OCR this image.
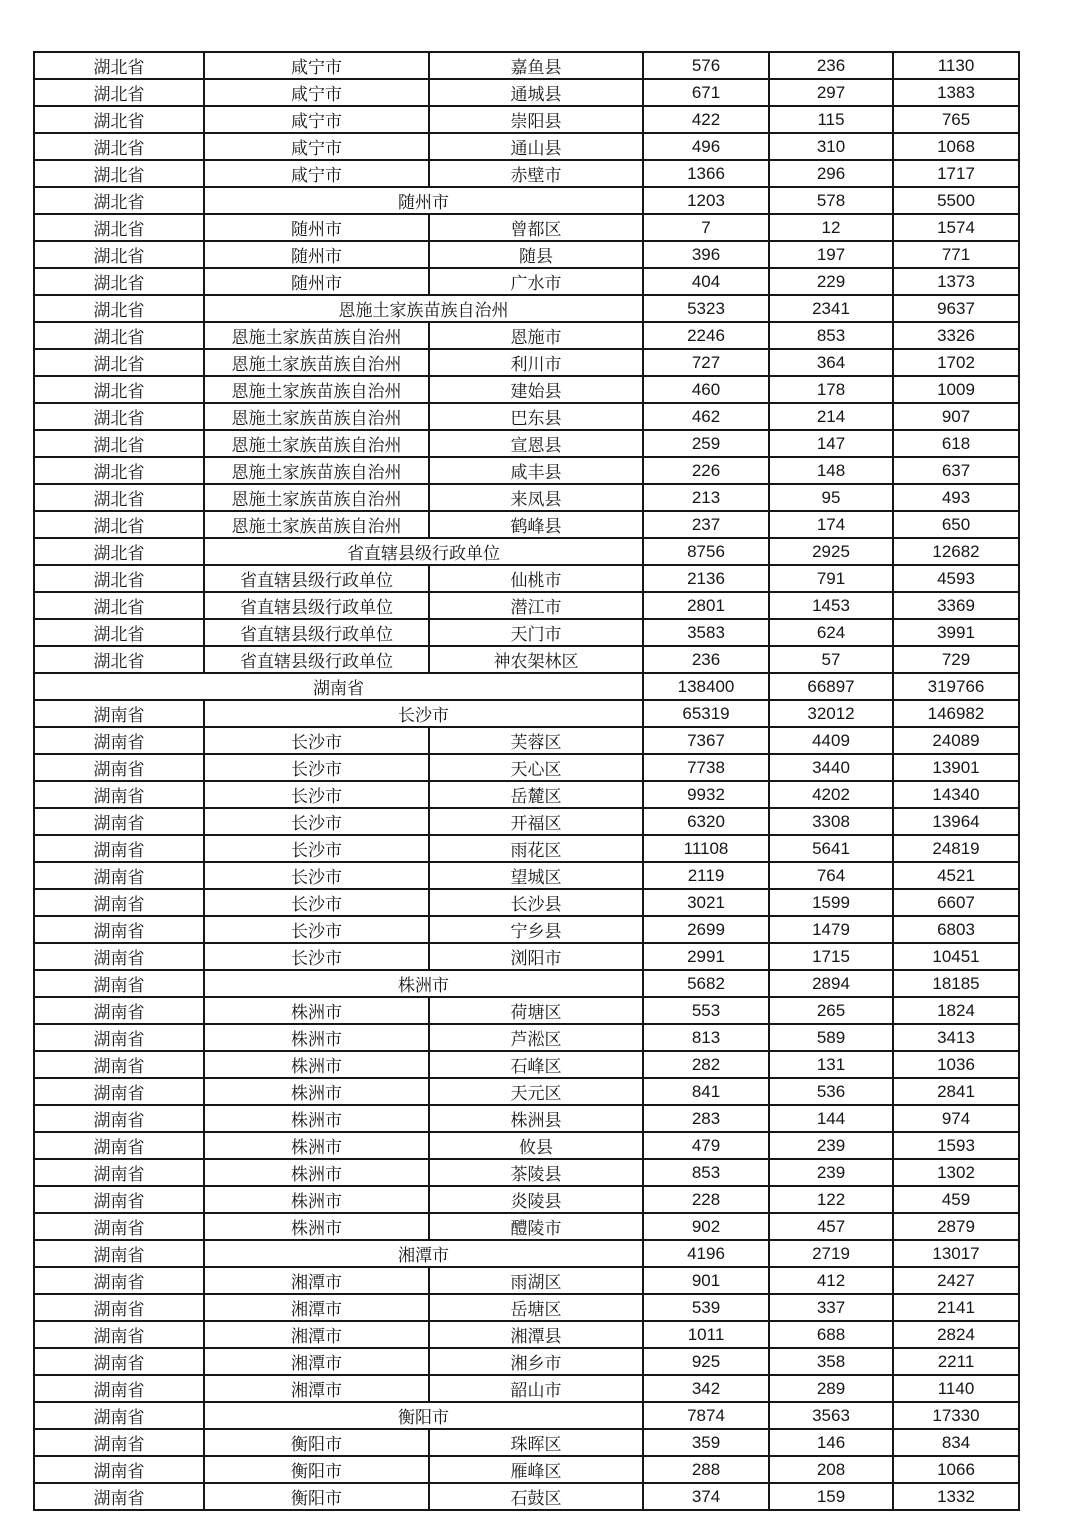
湖北省	咸宁市	嘉鱼县	576	236	1130
湖北省	咸宁市	通城县	671	297	1383
湖北省	咸宁市	崇阳县	422	115	765
湖北省	咸宁市	通山县	496	310	1068
湖北省	咸宁市	赤壁市	1366	296	1717
湖北省	随州市		1203	578	5500
湖北省	随州市	曾都区	7	12	1574
湖北省	随州市	随县	396	197	771
湖北省	随州市	广水市	404	229	1373
湖北省	恩施土家族苗族自治州		5323	2341	9637
湖北省	恩施土家族苗族自治州	恩施市	2246	853	3326
湖北省	恩施土家族苗族自治州	利川市	727	364	1702
湖北省	恩施土家族苗族自治州	建始县	460	178	1009
湖北省	恩施土家族苗族自治州	巴东县	462	214	907
湖北省	恩施土家族苗族自治州	宣恩县	259	147	618
湖北省	恩施土家族苗族自治州	咸丰县	226	148	637
湖北省	恩施土家族苗族自治州	来凤县	213	95	493
湖北省	恩施土家族苗族自治州	鹤峰县	237	174	650
湖北省	省直辖县级行政单位		8756	2925	12682
湖北省	省直辖县级行政单位	仙桃市	2136	791	4593
湖北省	省直辖县级行政单位	潜江市	2801	1453	3369
湖北省	省直辖县级行政单位	天门市	3583	624	3991
湖北省	省直辖县级行政单位	神农架林区	236	57	729
湖南省			138400	66897	319766
湖南省	长沙市		65319	32012	146982
湖南省	长沙市	芙蓉区	7367	4409	24089
湖南省	长沙市	天心区	7738	3440	13901
湖南省	长沙市	岳麓区	9932	4202	14340
湖南省	长沙市	开福区	6320	3308	13964
湖南省	长沙市	雨花区	11108	5641	24819
湖南省	长沙市	望城区	2119	764	4521
湖南省	长沙市	长沙县	3021	1599	6607
湖南省	长沙市	宁乡县	2699	1479	6803
湖南省	长沙市	浏阳市	2991	1715	10451
湖南省	株洲市		5682	2894	18185
湖南省	株洲市	荷塘区	553	265	1824
湖南省	株洲市	芦淞区	813	589	3413
湖南省	株洲市	石峰区	282	131	1036
湖南省	株洲市	天元区	841	536	2841
湖南省	株洲市	株洲县	283	144	974
湖南省	株洲市	攸县	479	239	1593
湖南省	株洲市	茶陵县	853	239	1302
湖南省	株洲市	炎陵县	228	122	459
湖南省	株洲市	醴陵市	902	457	2879
湖南省	湘潭市		4196	2719	13017
湖南省	湘潭市	雨湖区	901	412	2427
湖南省	湘潭市	岳塘区	539	337	2141
湖南省	湘潭市	湘潭县	1011	688	2824
湖南省	湘潭市	湘乡市	925	358	2211
湖南省	湘潭市	韶山市	342	289	1140
湖南省	衡阳市		7874	3563	17330
湖南省	衡阳市	珠晖区	359	146	834
湖南省	衡阳市	雁峰区	288	208	1066
湖南省	衡阳市	石鼓区	374	159	1332
